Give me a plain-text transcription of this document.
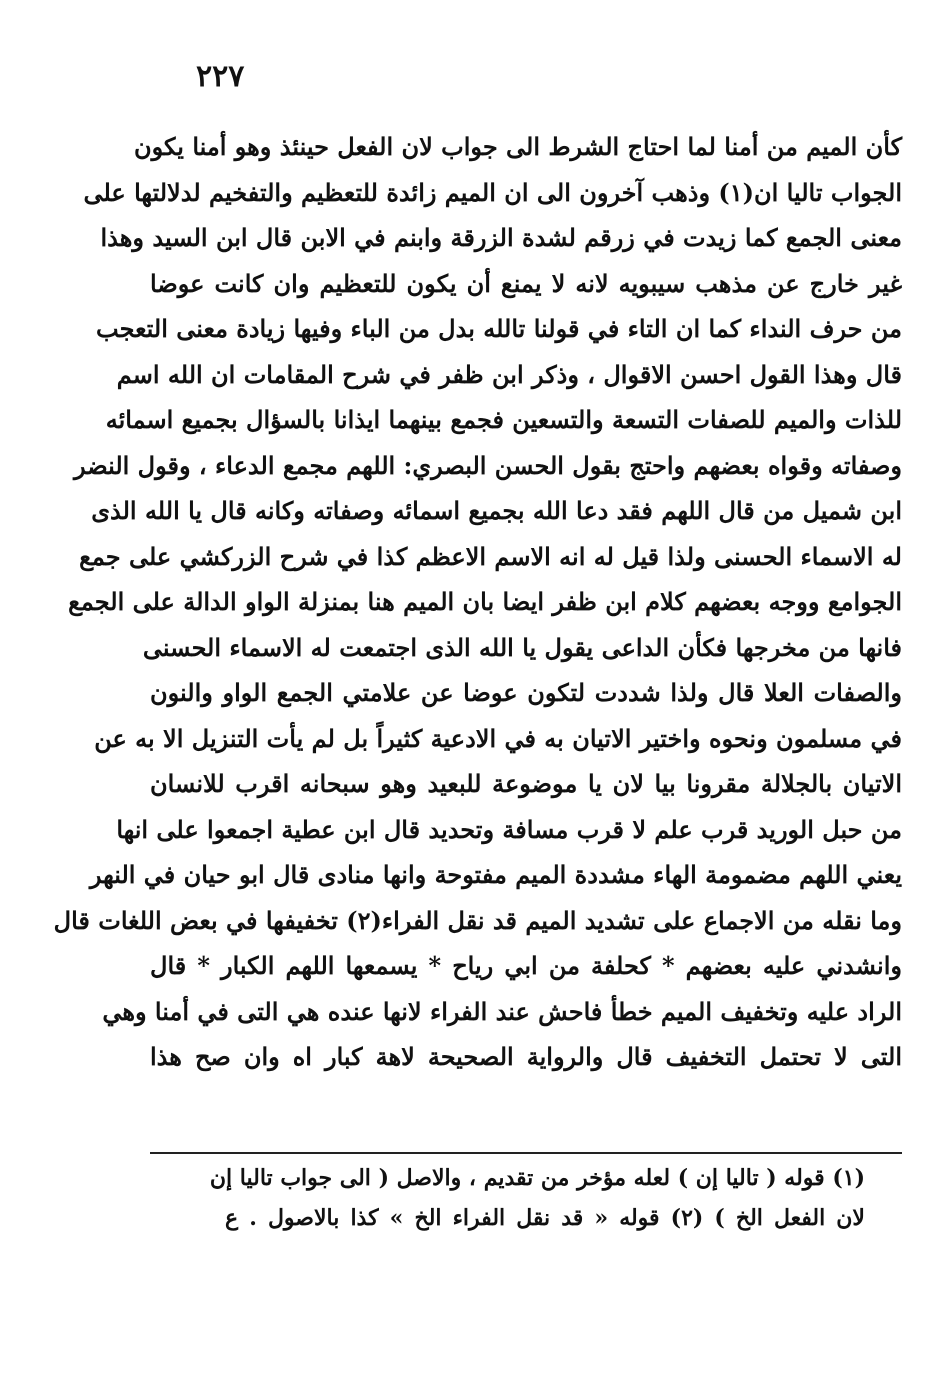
٢٢٧
كأن الميم من أمنا لما احتاج الشرط الى جواب لان الفعل حينئذ وهو أمنا يكون
الجواب تاليا ان(١) وذهب آخرون الى ان الميم زائدة للتعظيم والتفخيم لدلالتها على
معنى الجمع كما زيدت في زرقم لشدة الزرقة وابنم في الابن قال ابن السيد وهذا
غير خارج عن مذهب سيبويه لانه لا يمنع أن يكون للتعظيم وان كانت عوضا
من حرف النداء كما ان التاء في قولنا تالله بدل من الباء وفيها زيادة معنى التعجب
قال وهذا القول احسن الاقوال ، وذكر ابن ظفر في شرح المقامات ان الله اسم
للذات والميم للصفات التسعة والتسعين فجمع بينهما ايذانا بالسؤال بجميع اسمائه
وصفاته وقواه بعضهم واحتج بقول الحسن البصري: اللهم مجمع الدعاء ، وقول النضر
ابن شميل من قال اللهم فقد دعا الله بجميع اسمائه وصفاته وكانه قال يا الله الذى
له الاسماء الحسنى ولذا قيل له انه الاسم الاعظم كذا في شرح الزركشي على جمع
الجوامع ووجه بعضهم كلام ابن ظفر ايضا بان الميم هنا بمنزلة الواو الدالة على الجمع
فانها من مخرجها فكأن الداعى يقول يا الله الذى اجتمعت له الاسماء الحسنى
والصفات العلا قال ولذا شددت لتكون عوضا عن علامتي الجمع الواو والنون
في مسلمون ونحوه واختير الاتيان به في الادعية كثيراً بل لم يأت التنزيل الا به عن
الاتيان بالجلالة مقرونا بيا لان يا موضوعة للبعيد وهو سبحانه اقرب للانسان
من حبل الوريد قرب علم لا قرب مسافة وتحديد قال ابن عطية اجمعوا على انها
يعني اللهم مضمومة الهاء مشددة الميم مفتوحة وانها منادى قال ابو حيان في النهر
وما نقله من الاجماع على تشديد الميم قد نقل الفراء(٢) تخفيفها في بعض اللغات قال
وانشدني عليه بعضهم * كحلفة من ابي رياح * يسمعها اللهم الكبار * قال
الراد عليه وتخفيف الميم خطأ فاحش عند الفراء لانها عنده هي التى في أمنا وهي
التى لا تحتمل التخفيف قال والرواية الصحيحة لاهة كبار اه وان صح هذا
(١) قوله ( تاليا إن ) لعله مؤخر من تقديم ، والاصل ( الى جواب تاليا إن
لان الفعل الخ ) (٢) قوله « قد نقل الفراء الخ » كذا بالاصول . ع
